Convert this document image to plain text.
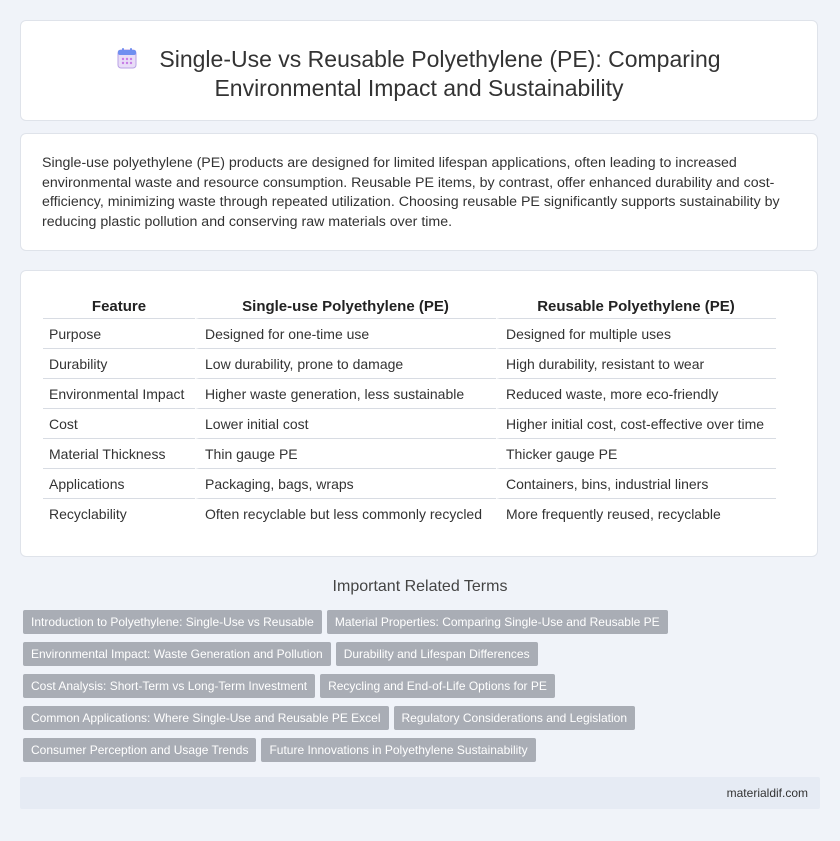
Single-Use vs Reusable Polyethylene (PE): Comparing
Environmental Impact and Sustainability
Single-use polyethylene (PE) products are designed for limited lifespan applications, often leading to increased environmental waste and resource consumption. Reusable PE items, by contrast, offer enhanced durability and cost-efficiency, minimizing waste through repeated utilization. Choosing reusable PE significantly supports sustainability by reducing plastic pollution and conserving raw materials over time.
Feature	Single-use Polyethylene (PE)	Reusable Polyethylene (PE)
Purpose	Designed for one-time use	Designed for multiple uses
Durability	Low durability, prone to damage	High durability, resistant to wear
Environmental Impact	Higher waste generation, less sustainable	Reduced waste, more eco-friendly
Cost	Lower initial cost	Higher initial cost, cost-effective over time
Material Thickness	Thin gauge PE	Thicker gauge PE
Applications	Packaging, bags, wraps	Containers, bins, industrial liners
Recyclability	Often recyclable but less commonly recycled	More frequently reused, recyclable
Important Related Terms
Introduction to Polyethylene: Single-Use vs Reusable Material Properties: Comparing Single-Use and Reusable PE
Environmental Impact: Waste Generation and Pollution Durability and Lifespan Differences
Cost Analysis: Short-Term vs Long-Term Investment Recycling and End-of-Life Options for PE
Common Applications: Where Single-Use and Reusable PE Excel Regulatory Considerations and Legislation
Consumer Perception and Usage Trends Future Innovations in Polyethylene Sustainability
materialdif.com
